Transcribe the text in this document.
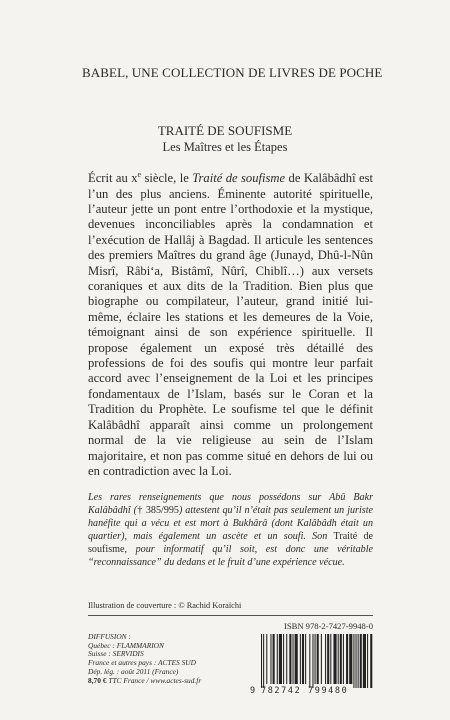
BABEL, UNE COLLECTION DE LIVRES DE POCHE
TRAITÉ DE SOUFISME
Les Maîtres et les Étapes

Écrit au $x^e$ siècle, le Traité de soufisme de Kalâbâdhî est l’un des plus anciens. Éminente autorité spirituelle, l’auteur jette un pont entre l’orthodoxie et la mystique, devenues inconciliables après la condamnation et l’exécution de Hallâj à Bagdad. Il articule les sentences des premiers Maîtres du grand âge (Junayd, Dhû-l-Nûn Misrî, Râbi‘a, Bistâmî, Nûrî, Chiblî…) aux versets coraniques et aux dits de la Tradition. Bien plus que biographe ou compilateur, l’auteur, grand initié lui-même, éclaire les stations et les demeures de la Voie, témoignant ainsi de son expérience spirituelle. Il propose également un exposé très détaillé des professions de foi des soufis qui montre leur parfait accord avec l’enseignement de la Loi et les principes fondamentaux de l’Islam, basés sur le Coran et la Tradition du Prophète. Le soufisme tel que le définit Kalâbâdhî apparaît ainsi comme un prolongement normal de la vie religieuse au sein de l’Islam majoritaire, et non pas comme situé en dehors de lui ou en contradiction avec la Loi.

Les rares renseignements que nous possédons sur Abû Bakr Kalâbâdhî († 385/995) attestent qu’il n’était pas seulement un juriste hanéfite qui a vécu et est mort à Bukhârâ (dont Kalâbâdh était un quartier), mais également un ascète et un soufi. Son Traité de soufisme, pour informatif qu’il soit, est donc une véritable “reconnaissance” du dedans et le fruit d’une expérience vécue.

Illustration de couverture : © Rachid Koraïchi
ISBN 978-2-7427-9948-0
DIFFUSION :
Québec : FLAMMARION
Suisse : SERVIDIS
France et autres pays : ACTES SUD
Dép. lég. : août 2011 (France)
8,70 € TTC France / www.actes-sud.fr
9 782742 799480
